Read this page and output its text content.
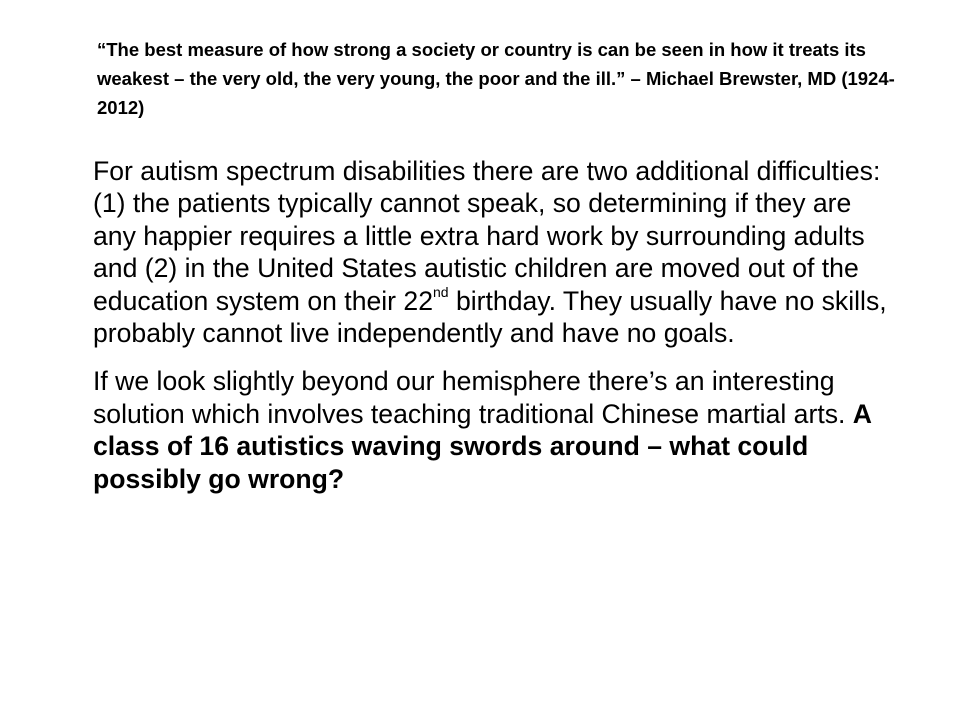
“The best measure of how strong a society or country is can be seen in how it treats its weakest – the very old, the very young, the poor and the ill.” – Michael Brewster, MD (1924-2012)

For autism spectrum disabilities there are two additional difficulties: (1) the patients typically cannot speak, so determining if they are any happier requires a little extra hard work by surrounding adults and (2) in the United States autistic children are moved out of the education system on their 22nd birthday. They usually have no skills, probably cannot live independently and have no goals.

If we look slightly beyond our hemisphere there’s an interesting solution which involves teaching traditional Chinese martial arts. A class of 16 autistics waving swords around – what could possibly go wrong?
